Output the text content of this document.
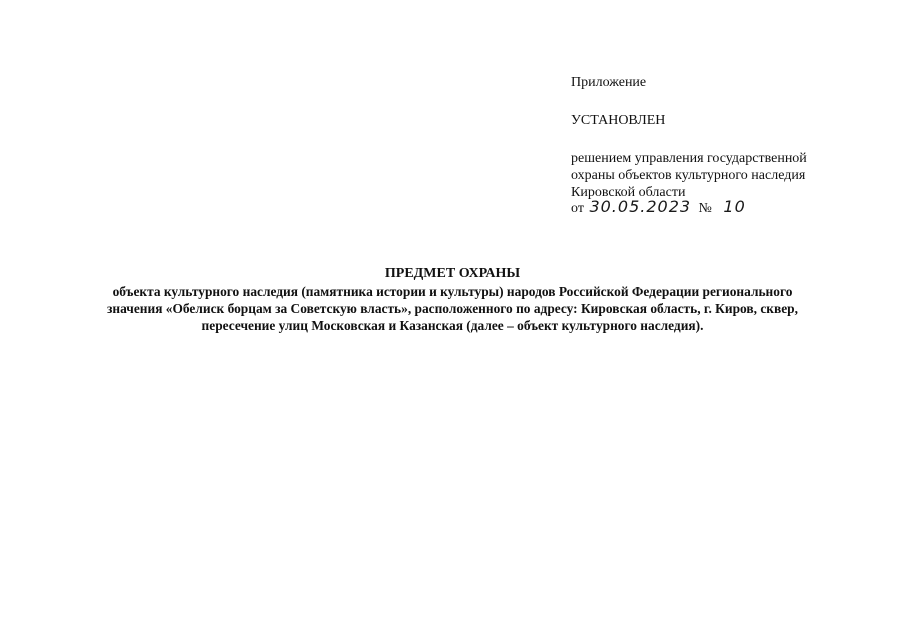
Приложение
УСТАНОВЛЕН
решением управления государственной
охраны объектов культурного наследия
Кировской области
от 30.05.2023 № 10
ПРЕДМЕТ ОХРАНЫ
объекта культурного наследия (памятника истории и культуры) народов Российской Федерации регионального
значения «Обелиск борцам за Советскую власть», расположенного по адресу: Кировская область, г. Киров, сквер,
пересечение улиц Московская и Казанская (далее – объект культурного наследия).
